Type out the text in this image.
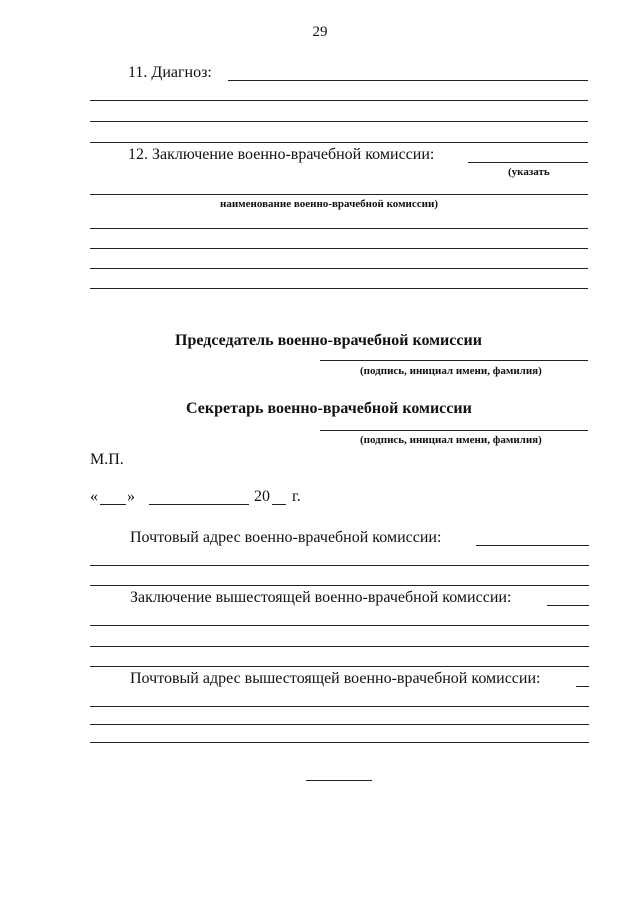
29
11. Диагноз:
12. Заключение военно-врачебной комиссии:
(указать
наименование военно-врачебной комиссии)
Председатель военно-врачебной комиссии
(подпись, инициал имени, фамилия)
Секретарь военно-врачебной комиссии
(подпись, инициал имени, фамилия)
М.П.
« »	20 г.
Почтовый адрес военно-врачебной комиссии:
Заключение вышестоящей военно-врачебной комиссии:
Почтовый адрес вышестоящей военно-врачебной комиссии:
